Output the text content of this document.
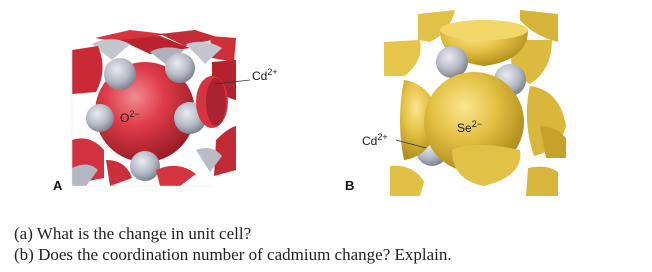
$O^{2-}$
$Cd^{2+}$
A
$Se^{2-}$
$Cd^{2+}$
B
(a) What is the change in unit cell?
(b) Does the coordination number of cadmium change? Explain.
